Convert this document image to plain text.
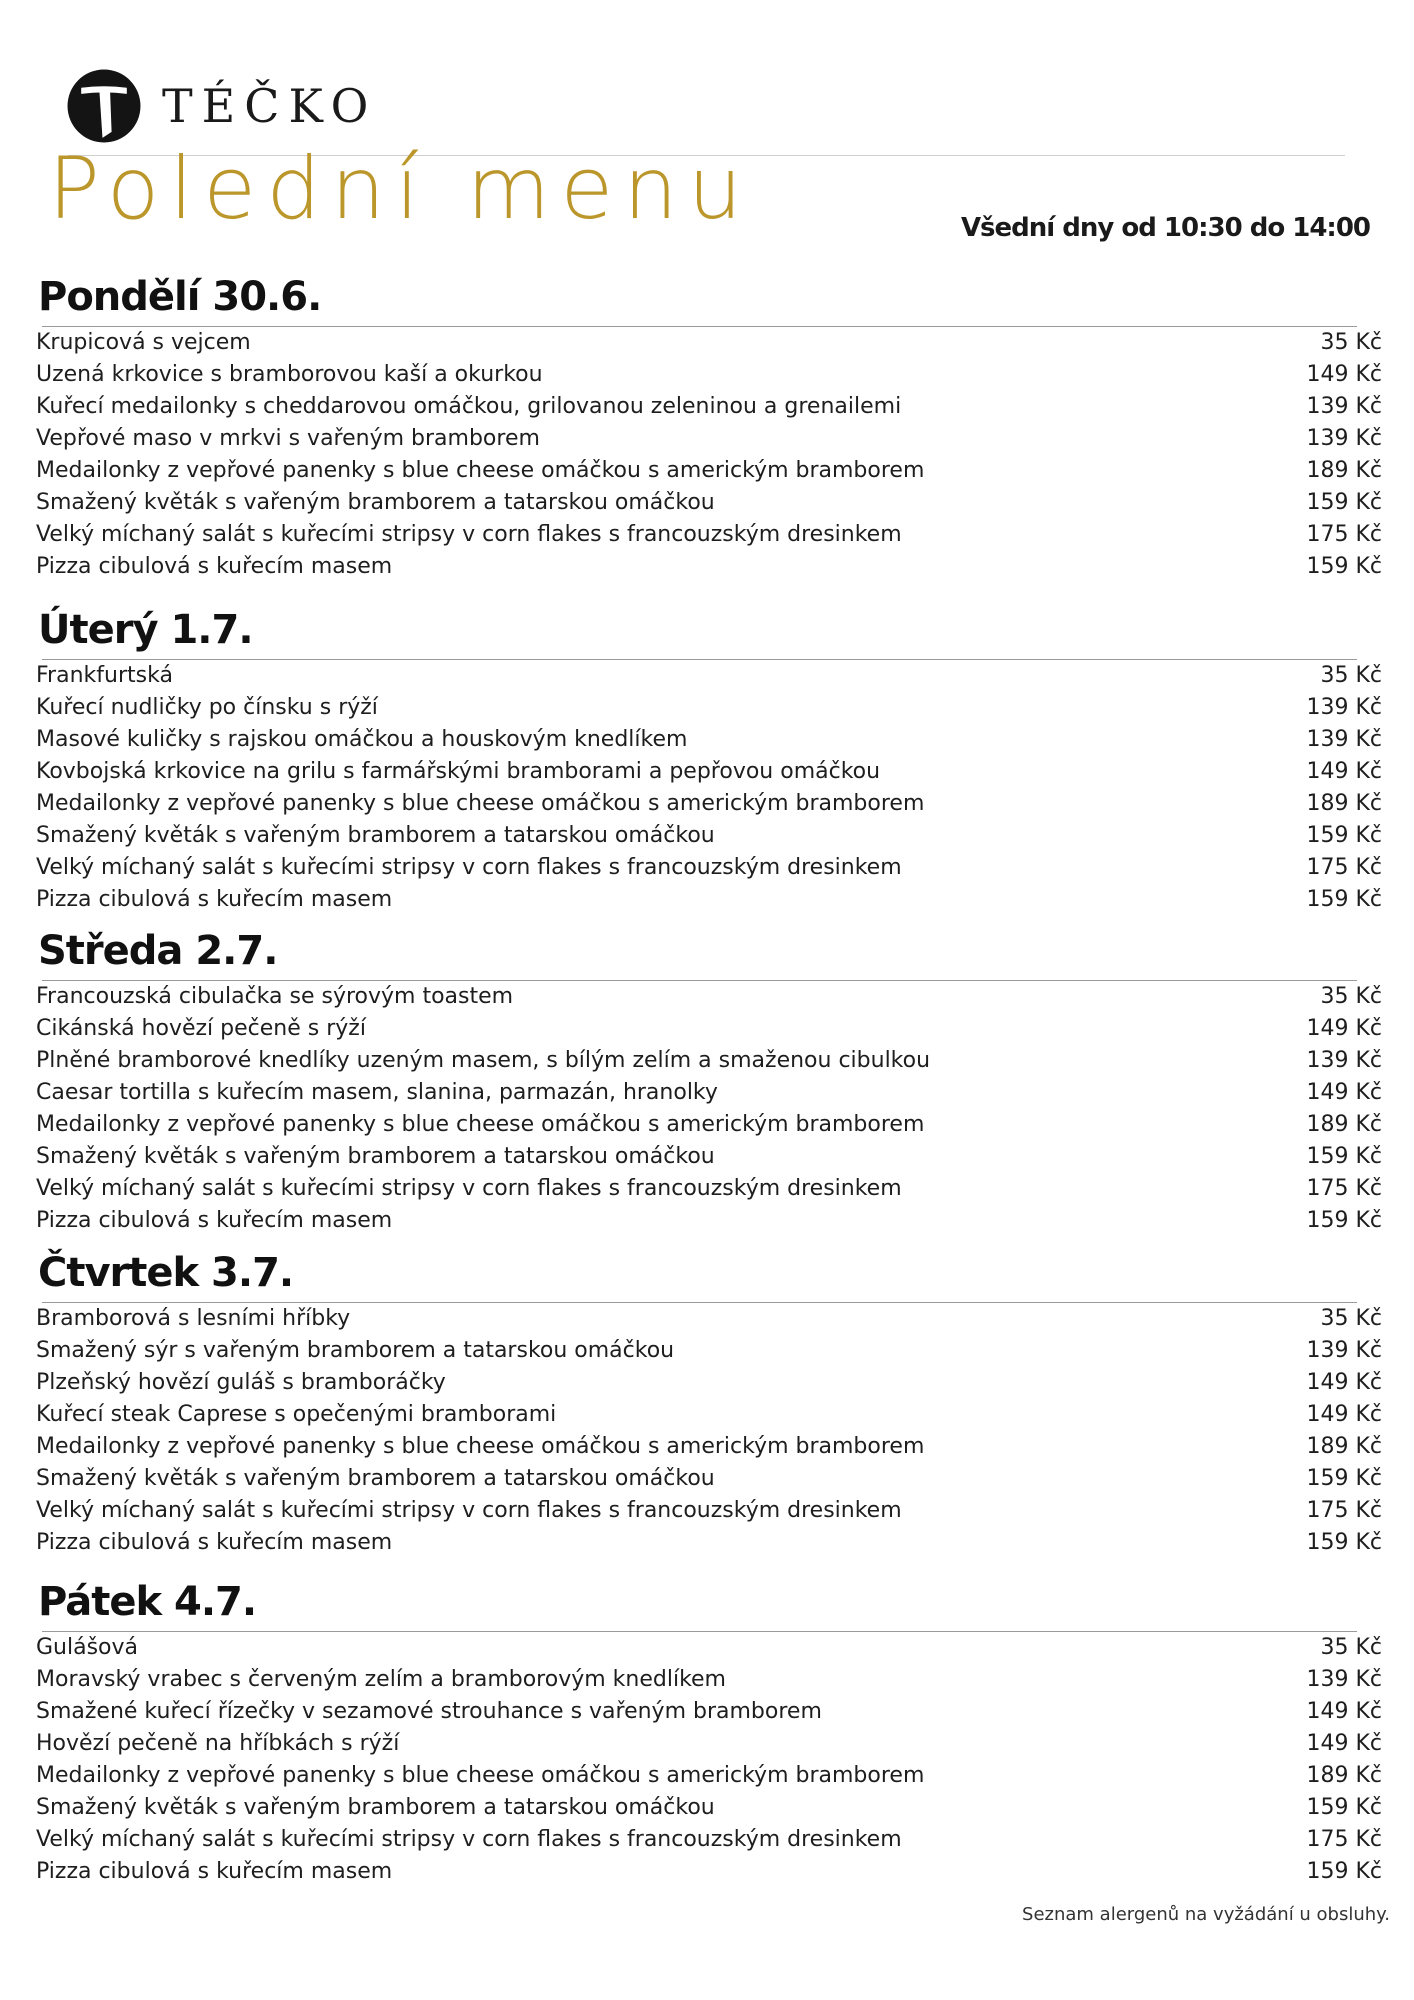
TÉČKO
Polední menu	Všední dny od 10:30 do 14:00
Pondělí 30.6.
Krupicová s vejcem	35 Kč
Uzená krkovice s bramborovou kaší a okurkou	149 Kč
Kuřecí medailonky s cheddarovou omáčkou, grilovanou zeleninou a grenailemi	139 Kč
Vepřové maso v mrkvi s vařeným bramborem	139 Kč
Medailonky z vepřové panenky s blue cheese omáčkou s americkým bramborem	189 Kč
Smažený květák s vařeným bramborem a tatarskou omáčkou	159 Kč
Velký míchaný salát s kuřecími stripsy v corn flakes s francouzským dresinkem	175 Kč
Pizza cibulová s kuřecím masem	159 Kč
Úterý 1.7.
Frankfurtská	35 Kč
Kuřecí nudličky po čínsku s rýží	139 Kč
Masové kuličky s rajskou omáčkou a houskovým knedlíkem	139 Kč
Kovbojská krkovice na grilu s farmářskými bramborami a pepřovou omáčkou	149 Kč
Medailonky z vepřové panenky s blue cheese omáčkou s americkým bramborem	189 Kč
Smažený květák s vařeným bramborem a tatarskou omáčkou	159 Kč
Velký míchaný salát s kuřecími stripsy v corn flakes s francouzským dresinkem	175 Kč
Pizza cibulová s kuřecím masem	159 Kč
Středa 2.7.
Francouzská cibulačka se sýrovým toastem	35 Kč
Cikánská hovězí pečeně s rýží	149 Kč
Plněné bramborové knedlíky uzeným masem, s bílým zelím a smaženou cibulkou	139 Kč
Caesar tortilla s kuřecím masem, slanina, parmazán, hranolky	149 Kč
Medailonky z vepřové panenky s blue cheese omáčkou s americkým bramborem	189 Kč
Smažený květák s vařeným bramborem a tatarskou omáčkou	159 Kč
Velký míchaný salát s kuřecími stripsy v corn flakes s francouzským dresinkem	175 Kč
Pizza cibulová s kuřecím masem	159 Kč
Čtvrtek 3.7.
Bramborová s lesními hříbky	35 Kč
Smažený sýr s vařeným bramborem a tatarskou omáčkou	139 Kč
Plzeňský hovězí guláš s bramboráčky	149 Kč
Kuřecí steak Caprese s opečenými bramborami	149 Kč
Medailonky z vepřové panenky s blue cheese omáčkou s americkým bramborem	189 Kč
Smažený květák s vařeným bramborem a tatarskou omáčkou	159 Kč
Velký míchaný salát s kuřecími stripsy v corn flakes s francouzským dresinkem	175 Kč
Pizza cibulová s kuřecím masem	159 Kč
Pátek 4.7.
Gulášová	35 Kč
Moravský vrabec s červeným zelím a bramborovým knedlíkem	139 Kč
Smažené kuřecí řízečky v sezamové strouhance s vařeným bramborem	149 Kč
Hovězí pečeně na hříbkách s rýží	149 Kč
Medailonky z vepřové panenky s blue cheese omáčkou s americkým bramborem	189 Kč
Smažený květák s vařeným bramborem a tatarskou omáčkou	159 Kč
Velký míchaný salát s kuřecími stripsy v corn flakes s francouzským dresinkem	175 Kč
Pizza cibulová s kuřecím masem	159 Kč
Seznam alergenů na vyžádání u obsluhy.
